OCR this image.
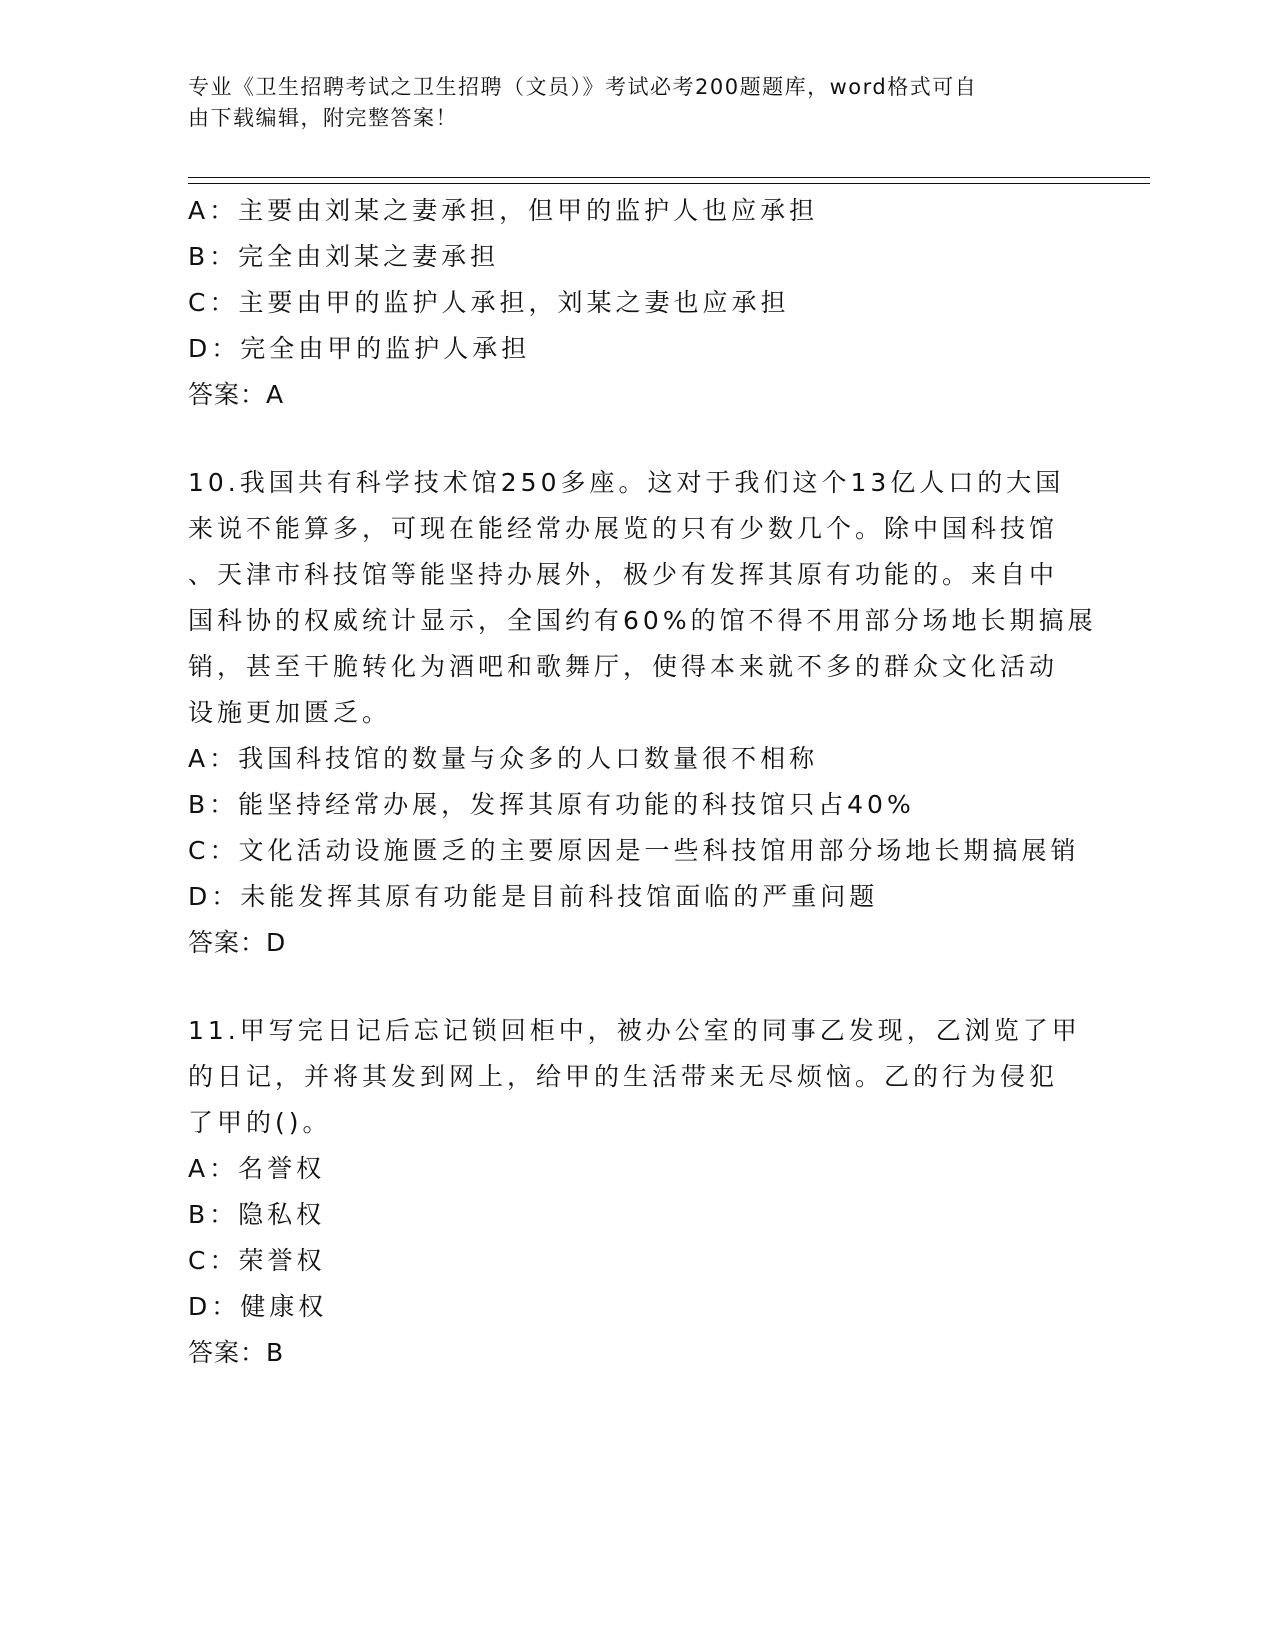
专业《卫生招聘考试之卫生招聘（文员）》考试必考200题题库，word格式可自
由下载编辑，附完整答案！
A：主要由刘某之妻承担，但甲的监护人也应承担
B：完全由刘某之妻承担
C：主要由甲的监护人承担，刘某之妻也应承担
D：完全由甲的监护人承担
答案：A
10.我国共有科学技术馆250多座。这对于我们这个13亿人口的大国
来说不能算多，可现在能经常办展览的只有少数几个。除中国科技馆
、天津市科技馆等能坚持办展外，极少有发挥其原有功能的。来自中
国科协的权威统计显示，全国约有60%的馆不得不用部分场地长期搞展
销，甚至干脆转化为酒吧和歌舞厅，使得本来就不多的群众文化活动
设施更加匮乏。
A：我国科技馆的数量与众多的人口数量很不相称
B：能坚持经常办展，发挥其原有功能的科技馆只占40%
C：文化活动设施匮乏的主要原因是一些科技馆用部分场地长期搞展销
D：未能发挥其原有功能是目前科技馆面临的严重问题
答案：D
11.甲写完日记后忘记锁回柜中，被办公室的同事乙发现，乙浏览了甲
的日记，并将其发到网上，给甲的生活带来无尽烦恼。乙的行为侵犯
了甲的()。
A：名誉权
B：隐私权
C：荣誉权
D：健康权
答案：B
